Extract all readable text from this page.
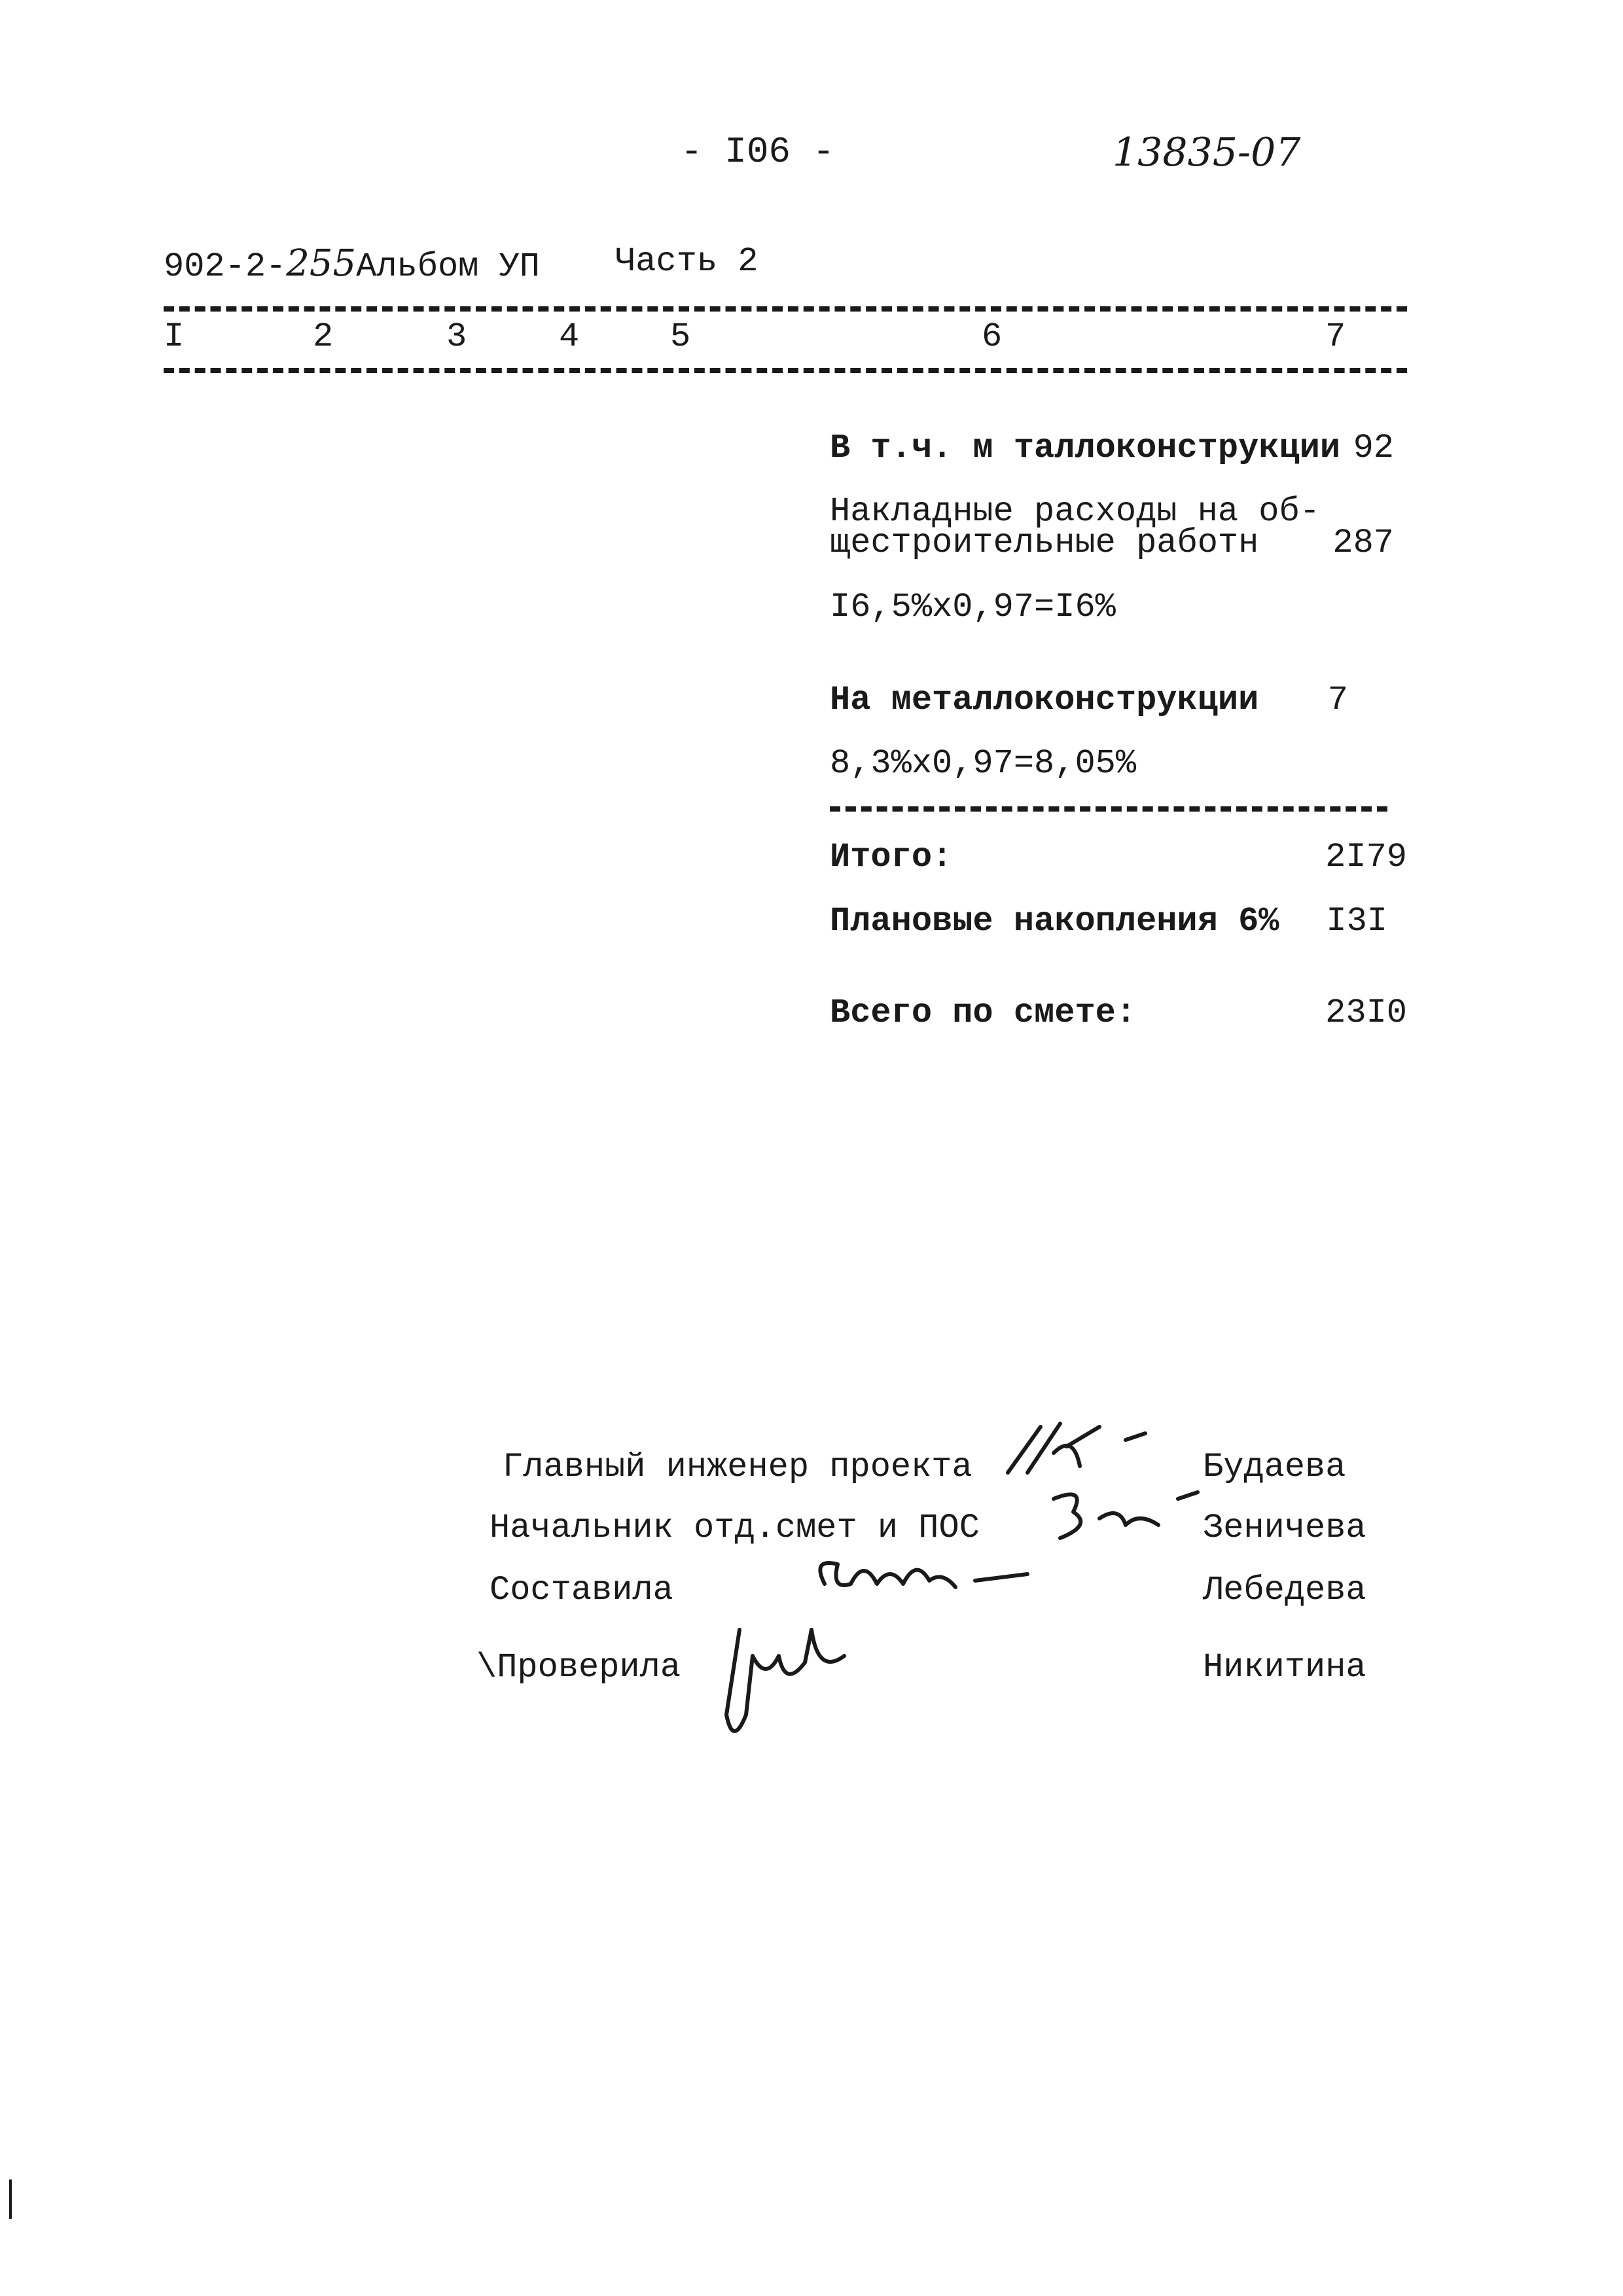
- I06 -	13835-07
902-2-255Альбом УП Часть 2
I	2	3	4	5	6	7
В т.ч. м таллоконструкции 92
Накладные расходы на об-
щестроительные работн 287
I6,5%x0,97=I6%
На металлоконструкции	7
8,3%x0,97=8,05%
Итого:	2I79
Плановые накопления 6%	I3I
Всего по смете:	23I0
Главный инженер проекта	Будаева
Начальник отд.смет и ПОС	Зеничева
Составила	Лебедева
\Проверила	Никитина
